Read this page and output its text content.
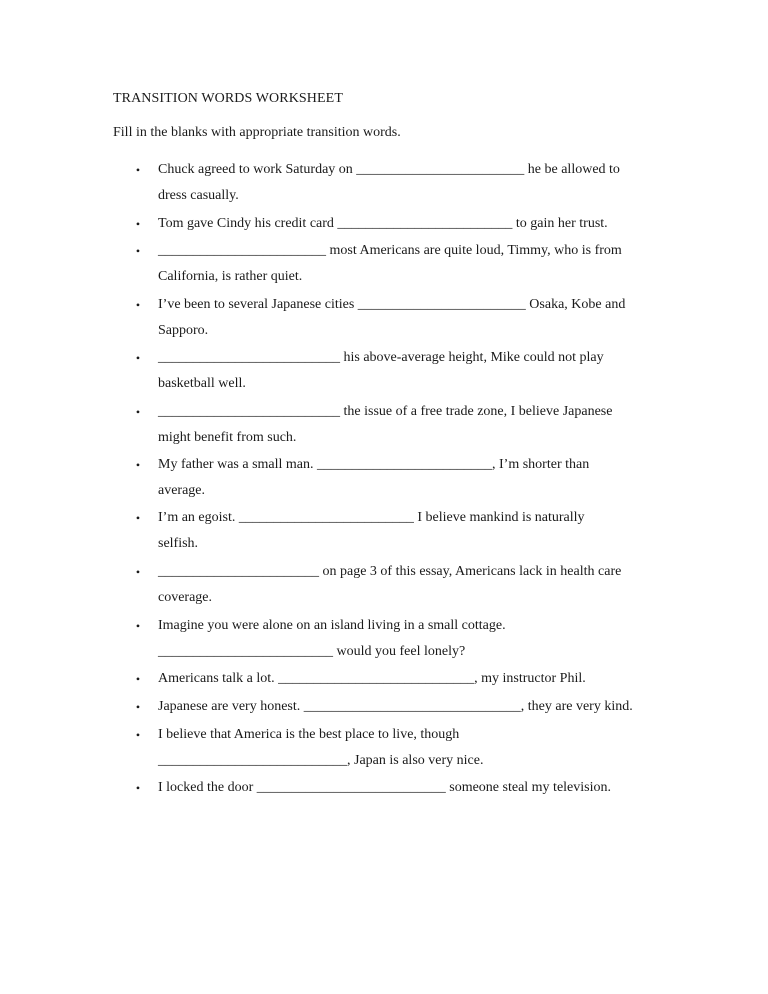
TRANSITION WORDS WORKSHEET
Fill in the blanks with appropriate transition words.
• Chuck agreed to work Saturday on ________________________ he be allowed to
dress casually.
• Tom gave Cindy his credit card _________________________ to gain her trust.
• ________________________ most Americans are quite loud, Timmy, who is from
California, is rather quiet.
• I’ve been to several Japanese cities ________________________ Osaka, Kobe and
Sapporo.
• __________________________ his above-average height, Mike could not play
basketball well.
• __________________________ the issue of a free trade zone, I believe Japanese
might benefit from such.
• My father was a small man. _________________________, I’m shorter than
average.
• I’m an egoist. _________________________ I believe mankind is naturally
selfish.
• _______________________ on page 3 of this essay, Americans lack in health care
coverage.
• Imagine you were alone on an island living in a small cottage.
_________________________ would you feel lonely?
• Americans talk a lot. ____________________________, my instructor Phil.
• Japanese are very honest. _______________________________, they are very kind.
• I believe that America is the best place to live, though
___________________________, Japan is also very nice.
• I locked the door ___________________________ someone steal my television.
